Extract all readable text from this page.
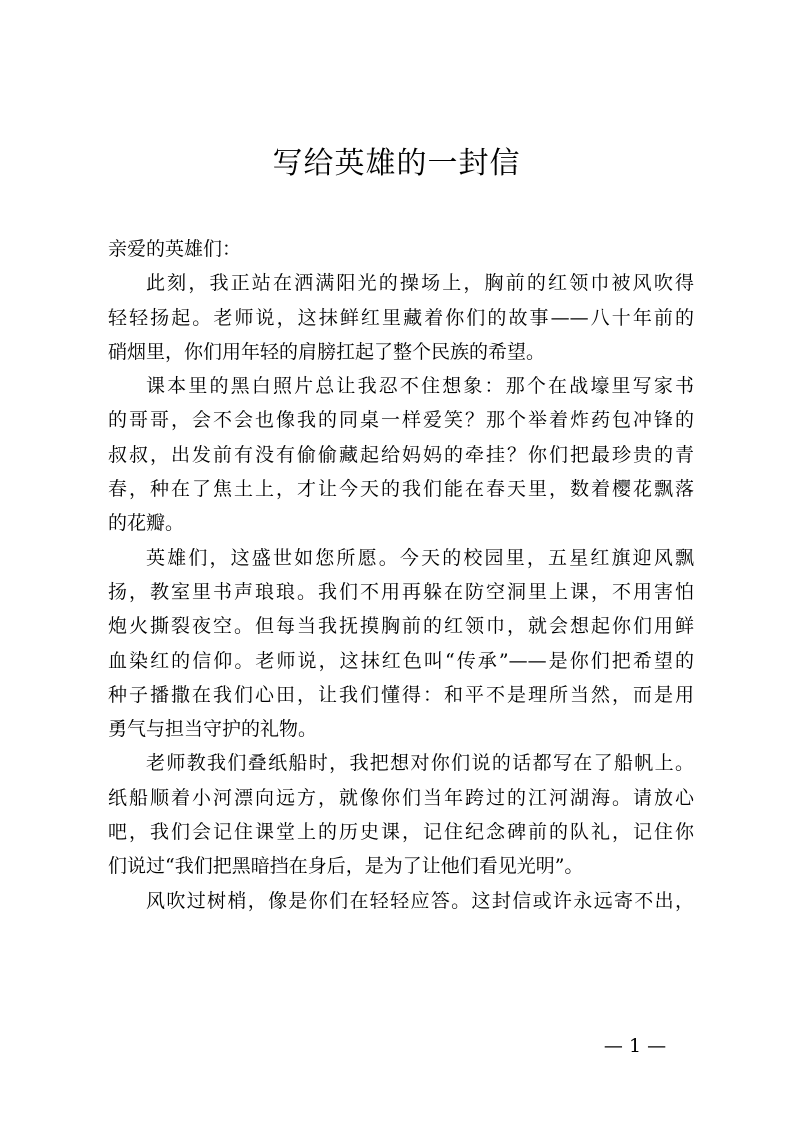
写给英雄的一封信
亲爱的英雄们：
此刻，我正站在洒满阳光的操场上，胸前的红领巾被风吹得
轻轻扬起。老师说，这抹鲜红里藏着你们的故事——八十年前的
硝烟里，你们用年轻的肩膀扛起了整个民族的希望。
课本里的黑白照片总让我忍不住想象：那个在战壕里写家书
的哥哥，会不会也像我的同桌一样爱笑？那个举着炸药包冲锋的
叔叔，出发前有没有偷偷藏起给妈妈的牵挂？你们把最珍贵的青
春，种在了焦土上，才让今天的我们能在春天里，数着樱花飘落
的花瓣。
英雄们，这盛世如您所愿。今天的校园里，五星红旗迎风飘
扬，教室里书声琅琅。我们不用再躲在防空洞里上课，不用害怕
炮火撕裂夜空。但每当我抚摸胸前的红领巾，就会想起你们用鲜
血染红的信仰。老师说，这抹红色叫“传承”——是你们把希望的
种子播撒在我们心田，让我们懂得：和平不是理所当然，而是用
勇气与担当守护的礼物。
老师教我们叠纸船时，我把想对你们说的话都写在了船帆上。
纸船顺着小河漂向远方，就像你们当年跨过的江河湖海。请放心
吧，我们会记住课堂上的历史课，记住纪念碑前的队礼，记住你
们说过“我们把黑暗挡在身后，是为了让他们看见光明”。
风吹过树梢，像是你们在轻轻应答。这封信或许永远寄不出，
— 1 —
